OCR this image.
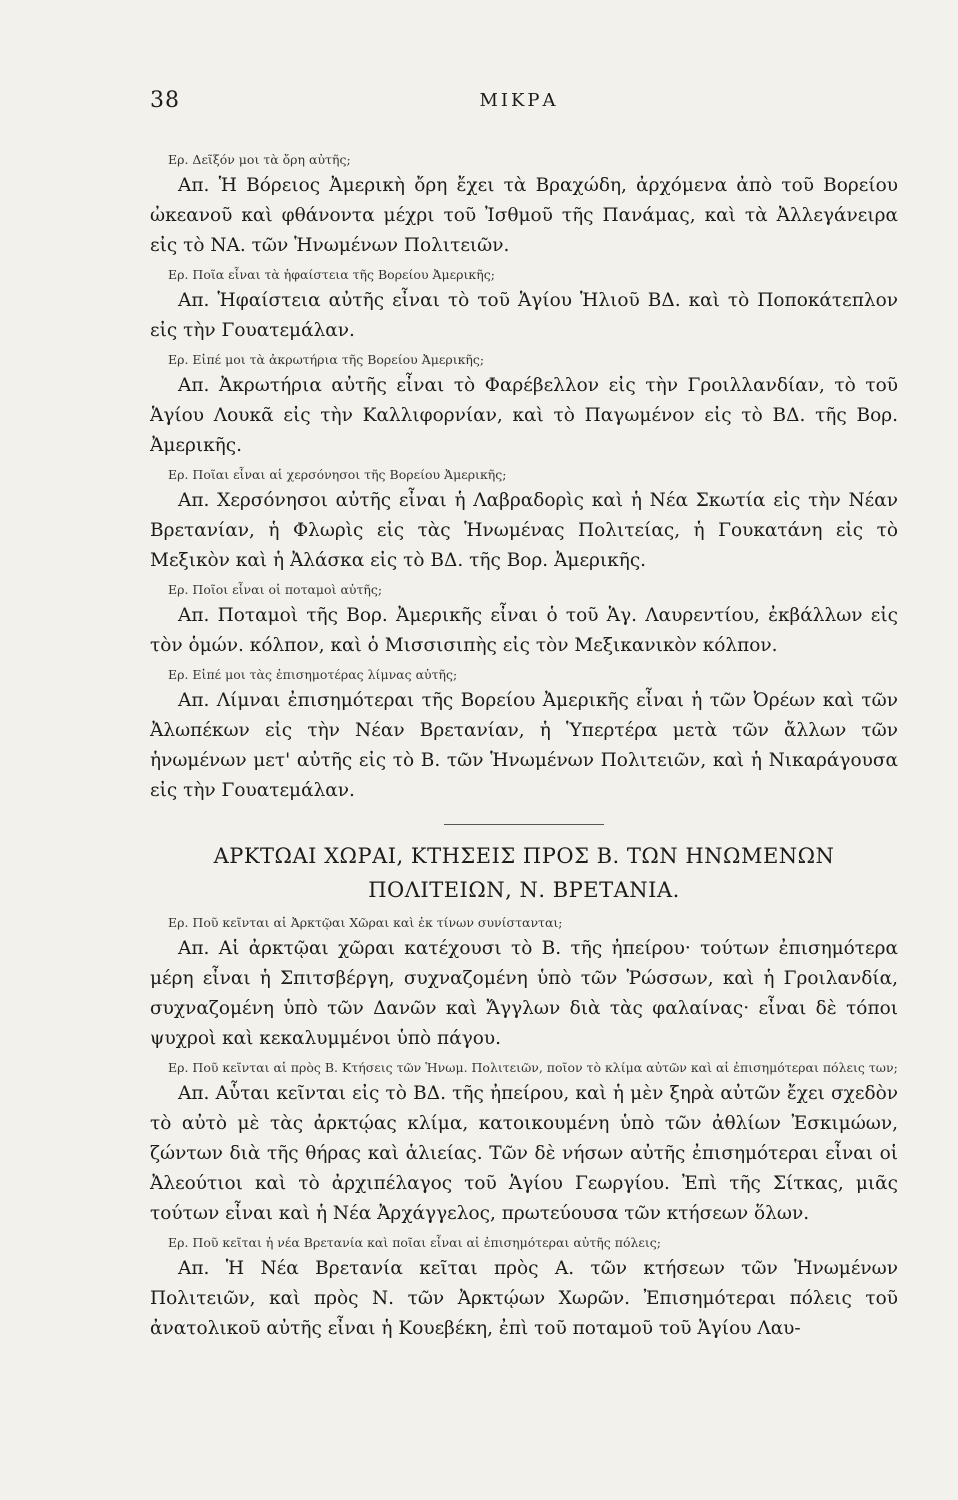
38	ΜΙΚΡΑ

Ερ. Δεῖξόν μοι τὰ ὄρη αὐτῆς;

Απ. Ἡ Βόρειος Ἀμερικὴ ὄρη ἔχει τὰ Βραχώδη, ἀρχόμενα ἀπὸ τοῦ Βορείου ὠκεανοῦ καὶ φθάνοντα μέχρι τοῦ Ἰσθμοῦ τῆς Πανάμας, καὶ τὰ Ἀλλεγάνειρα εἰς τὸ ΝΑ. τῶν Ἡνωμένων Πολιτειῶν.

Ερ. Ποῖα εἶναι τὰ ἡφαίστεια τῆς Βορείου Ἀμερικῆς;

Απ. Ἡφαίστεια αὐτῆς εἶναι τὸ τοῦ Ἁγίου Ἡλιοῦ ΒΔ. καὶ τὸ Ποποκάτεπλον εἰς τὴν Γουατεμάλαν.

Ερ. Εἰπέ μοι τὰ ἀκρωτήρια τῆς Βορείου Ἀμερικῆς;

Απ. Ἀκρωτήρια αὐτῆς εἶναι τὸ Φαρέβελλον εἰς τὴν Γροιλλανδίαν, τὸ τοῦ Ἁγίου Λουκᾶ εἰς τὴν Καλλιφορνίαν, καὶ τὸ Παγωμένον εἰς τὸ ΒΔ. τῆς Βορ. Ἀμερικῆς.

Ερ. Ποῖαι εἶναι αἱ χερσόνησοι τῆς Βορείου Ἀμερικῆς;

Απ. Χερσόνησοι αὐτῆς εἶναι ἡ Λαβραδορὶς καὶ ἡ Νέα Σκωτία εἰς τὴν Νέαν Βρετανίαν, ἡ Φλωρὶς εἰς τὰς Ἡνωμένας Πολιτείας, ἡ Γουκατάνη εἰς τὸ Μεξικὸν καὶ ἡ Ἀλάσκα εἰς τὸ ΒΔ. τῆς Βορ. Ἀμερικῆς.

Ερ. Ποῖοι εἶναι οἱ ποταμοὶ αὐτῆς;

Απ. Ποταμοὶ τῆς Βορ. Ἀμερικῆς εἶναι ὁ τοῦ Ἁγ. Λαυρεντίου, ἐκβάλλων εἰς τὸν ὁμών. κόλπον, καὶ ὁ Μισσισιπὴς εἰς τὸν Μεξικανικὸν κόλπον.

Ερ. Εἰπέ μοι τὰς ἐπισημοτέρας λίμνας αὐτῆς;

Απ. Λίμναι ἐπισημότεραι τῆς Βορείου Ἀμερικῆς εἶναι ἡ τῶν Ὀρέων καὶ τῶν Ἀλωπέκων εἰς τὴν Νέαν Βρετανίαν, ἡ Ὑπερτέρα μετὰ τῶν ἄλλων τῶν ἡνωμένων μετ' αὐτῆς εἰς τὸ Β. τῶν Ἡνωμένων Πολιτειῶν, καὶ ἡ Νικαράγουσα εἰς τὴν Γουατεμάλαν.

ΑΡΚΤΩΑΙ ΧΩΡΑΙ, ΚΤΗΣΕΙΣ ΠΡΟΣ Β. ΤΩΝ ΗΝΩΜΕΝΩΝ
ΠΟΛΙΤΕΙΩΝ, Ν. ΒΡΕΤΑΝΙΑ.

Ερ. Ποῦ κεῖνται αἱ Ἀρκτῷαι Χῶραι καὶ ἐκ τίνων συνίστανται;

Απ. Αἱ ἀρκτῷαι χῶραι κατέχουσι τὸ Β. τῆς ἠπείρου· τούτων ἐπισημότερα μέρη εἶναι ἡ Σπιτσβέργη, συχναζομένη ὑπὸ τῶν Ῥώσσων, καὶ ἡ Γροιλανδία, συχναζομένη ὑπὸ τῶν Δανῶν καὶ Ἄγγλων διὰ τὰς φαλαίνας· εἶναι δὲ τόποι ψυχροὶ καὶ κεκαλυμμένοι ὑπὸ πάγου.

Ερ. Ποῦ κεῖνται αἱ πρὸς Β. Κτήσεις τῶν Ἡνωμ. Πολιτειῶν, ποῖον τὸ κλίμα αὐτῶν καὶ αἱ ἐπισημότεραι πόλεις των;

Απ. Αὗται κεῖνται εἰς τὸ ΒΔ. τῆς ἠπείρου, καὶ ἡ μὲν ξηρὰ αὐτῶν ἔχει σχεδὸν τὸ αὐτὸ μὲ τὰς ἀρκτῴας κλίμα, κατοικουμένη ὑπὸ τῶν ἀθλίων Ἐσκιμώων, ζώντων διὰ τῆς θήρας καὶ ἁλιείας. Τῶν δὲ νήσων αὐτῆς ἐπισημότεραι εἶναι οἱ Ἀλεούτιοι καὶ τὸ ἀρχιπέλαγος τοῦ Ἁγίου Γεωργίου. Ἐπὶ τῆς Σίτκας, μιᾶς τούτων εἶναι καὶ ἡ Νέα Ἀρχάγγελος, πρωτεύουσα τῶν κτήσεων ὅλων.

Ερ. Ποῦ κεῖται ἡ νέα Βρετανία καὶ ποῖαι εἶναι αἱ ἐπισημότεραι αὐτῆς πόλεις;

Απ. Ἡ Νέα Βρετανία κεῖται πρὸς Α. τῶν κτήσεων τῶν Ἡνωμένων Πολιτειῶν, καὶ πρὸς Ν. τῶν Ἀρκτῴων Χωρῶν. Ἐπισημότεραι πόλεις τοῦ ἀνατολικοῦ αὐτῆς εἶναι ἡ Κουεβέκη, ἐπὶ τοῦ ποταμοῦ τοῦ Ἁγίου Λαυ-
